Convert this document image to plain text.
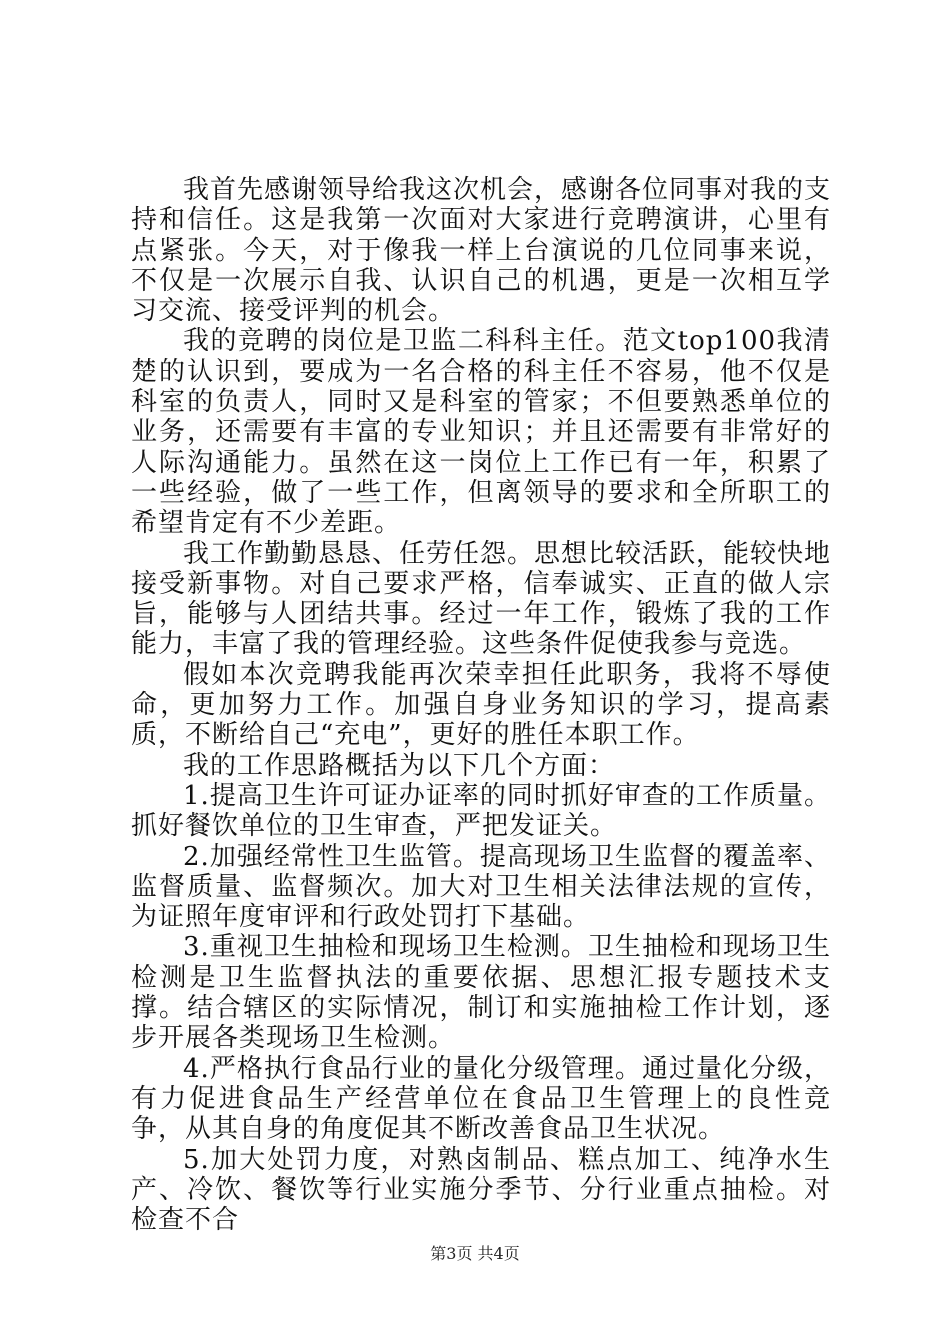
我首先感谢领导给我这次机会，感谢各位同事对我的支持和信任。这是我第一次面对大家进行竞聘演讲，心里有点紧张。今天，对于像我一样上台演说的几位同事来说，不仅是一次展示自我、认识自己的机遇，更是一次相互学习交流、接受评判的机会。

我的竞聘的岗位是卫监二科科主任。范文top100我清楚的认识到，要成为一名合格的科主任不容易，他不仅是科室的负责人，同时又是科室的管家；不但要熟悉单位的业务，还需要有丰富的专业知识；并且还需要有非常好的人际沟通能力。虽然在这一岗位上工作已有一年，积累了一些经验，做了一些工作，但离领导的要求和全所职工的希望肯定有不少差距。

我工作勤勤恳恳、任劳任怨。思想比较活跃，能较快地接受新事物。对自己要求严格，信奉诚实、正直的做人宗旨，能够与人团结共事。经过一年工作，锻炼了我的工作能力，丰富了我的管理经验。这些条件促使我参与竞选。

假如本次竞聘我能再次荣幸担任此职务，我将不辱使命，更加努力工作。加强自身业务知识的学习，提高素质，不断给自己“充电”，更好的胜任本职工作。

我的工作思路概括为以下几个方面：

1.提高卫生许可证办证率的同时抓好审查的工作质量。抓好餐饮单位的卫生审查，严把发证关。

2.加强经常性卫生监管。提高现场卫生监督的覆盖率、监督质量、监督频次。加大对卫生相关法律法规的宣传，为证照年度审评和行政处罚打下基础。

3.重视卫生抽检和现场卫生检测。卫生抽检和现场卫生检测是卫生监督执法的重要依据、思想汇报专题技术支撑。结合辖区的实际情况，制订和实施抽检工作计划，逐步开展各类现场卫生检测。

4.严格执行食品行业的量化分级管理。通过量化分级，有力促进食品生产经营单位在食品卫生管理上的良性竞争，从其自身的角度促其不断改善食品卫生状况。

5.加大处罚力度，对熟卤制品、糕点加工、纯净水生产、冷饮、餐饮等行业实施分季节、分行业重点抽检。对检查不合

第3页 共4页
